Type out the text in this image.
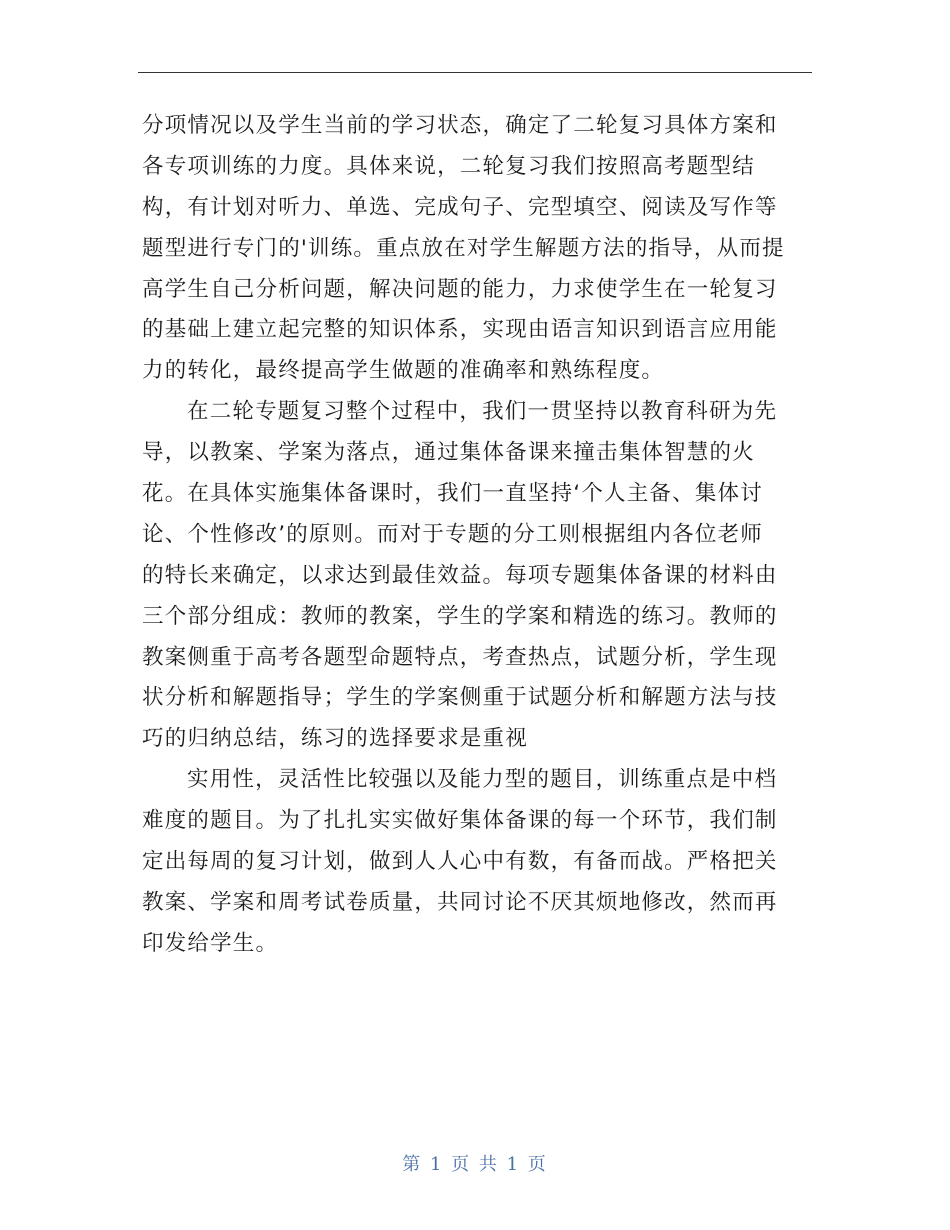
分项情况以及学生当前的学习状态，确定了二轮复习具体方案和
各专项训练的力度。具体来说，二轮复习我们按照高考题型结
构，有计划对听力、单选、完成句子、完型填空、阅读及写作等
题型进行专门的'训练。重点放在对学生解题方法的指导，从而提
高学生自己分析问题，解决问题的能力，力求使学生在一轮复习
的基础上建立起完整的知识体系，实现由语言知识到语言应用能
力的转化，最终提高学生做题的准确率和熟练程度。
在二轮专题复习整个过程中，我们一贯坚持以教育科研为先
导，以教案、学案为落点，通过集体备课来撞击集体智慧的火
花。在具体实施集体备课时，我们一直坚持‘个人主备、集体讨
论、个性修改’的原则。而对于专题的分工则根据组内各位老师
的特长来确定，以求达到最佳效益。每项专题集体备课的材料由
三个部分组成：教师的教案，学生的学案和精选的练习。教师的
教案侧重于高考各题型命题特点，考查热点，试题分析，学生现
状分析和解题指导；学生的学案侧重于试题分析和解题方法与技
巧的归纳总结，练习的选择要求是重视
实用性，灵活性比较强以及能力型的题目，训练重点是中档
难度的题目。为了扎扎实实做好集体备课的每一个环节，我们制
定出每周的复习计划，做到人人心中有数，有备而战。严格把关
教案、学案和周考试卷质量，共同讨论不厌其烦地修改，然而再
印发给学生。
第 1 页 共 1 页
